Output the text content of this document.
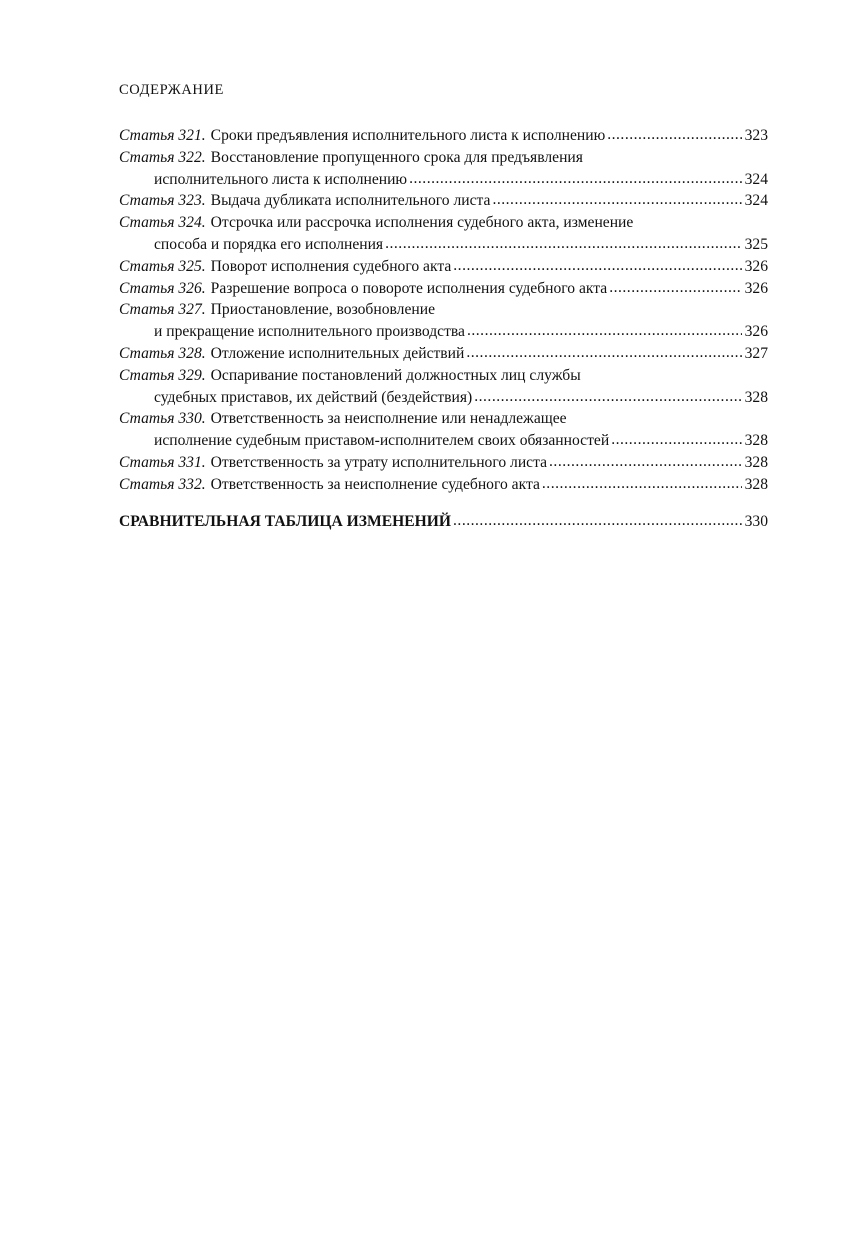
СОДЕРЖАНИЕ
Статья 321. Сроки предъявления исполнительного листа к исполнению .....	323
Статья 322. Восстановление пропущенного срока для предъявления
исполнительного листа к исполнению .....	324
Статья 323. Выдача дубликата исполнительного листа .....	324
Статья 324. Отсрочка или рассрочка исполнения судебного акта, изменение
способа и порядка его исполнения .....	325
Статья 325. Поворот исполнения судебного акта .....	326
Статья 326. Разрешение вопроса о повороте исполнения судебного акта .....	326
Статья 327. Приостановление, возобновление
и прекращение исполнительного производства .....	326
Статья 328. Отложение исполнительных действий .....	327
Статья 329. Оспаривание постановлений должностных лиц службы
судебных приставов, их действий (бездействия) .....	328
Статья 330. Ответственность за неисполнение или ненадлежащее
исполнение судебным приставом-исполнителем своих обязанностей .....	328
Статья 331. Ответственность за утрату исполнительного листа .....	328
Статья 332. Ответственность за неисполнение судебного акта .....	328
СРАВНИТЕЛЬНАЯ ТАБЛИЦА ИЗМЕНЕНИЙ .....	330
